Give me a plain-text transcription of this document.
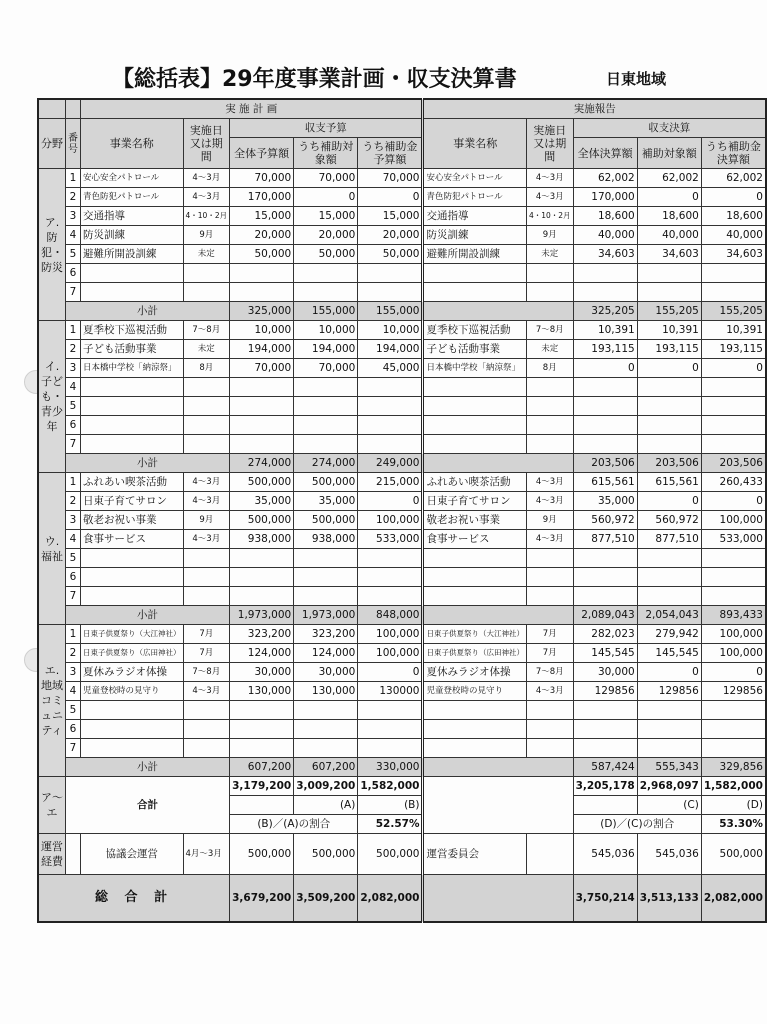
【総括表】29年度事業計画・収支決算書	日東地域
		実 施 計 画					実施報告				
分野	番号	事業名称	実施日又は期間	収支予算			事業名称	実施日又は期間	収支決算		
				全体予算額	うち補助対象額	うち補助金予算額			全体決算額	補助対象額	うち補助金決算額
ア.防犯・防災	1	安心安全パトロール	4～3月	70,000	70,000	70,000	安心安全パトロール	4～3月	62,002	62,002	62,002
	2	青色防犯パトロール	4～3月	170,000	0	0	青色防犯パトロール	4～3月	170,000	0	0
	3	交通指導	4・10・2月	15,000	15,000	15,000	交通指導	4・10・2月	18,600	18,600	18,600
	4	防災訓練	9月	20,000	20,000	20,000	防災訓練	9月	40,000	40,000	40,000
	5	避難所開設訓練	未定	50,000	50,000	50,000	避難所開設訓練	未定	34,603	34,603	34,603
	6										
	7										
	小計			325,000	155,000	155,000			325,205	155,205	155,205
イ.子ども・青少年	1	夏季校下巡視活動	7～8月	10,000	10,000	10,000	夏季校下巡視活動	7～8月	10,391	10,391	10,391
	2	子ども活動事業	未定	194,000	194,000	194,000	子ども活動事業	未定	193,115	193,115	193,115
	3	日本橋中学校「納涼祭」	8月	70,000	70,000	45,000	日本橋中学校「納涼祭」	8月	0	0	0
	4										
	5										
	6										
	7										
	小計			274,000	274,000	249,000			203,506	203,506	203,506
ウ.福祉	1	ふれあい喫茶活動	4～3月	500,000	500,000	215,000	ふれあい喫茶活動	4～3月	615,561	615,561	260,433
	2	日東子育てサロン	4～3月	35,000	35,000	0	日東子育てサロン	4～3月	35,000	0	0
	3	敬老お祝い事業	9月	500,000	500,000	100,000	敬老お祝い事業	9月	560,972	560,972	100,000
	4	食事サービス	4～3月	938,000	938,000	533,000	食事サービス	4～3月	877,510	877,510	533,000
	5										
	6										
	7										
	小計			1,973,000	1,973,000	848,000			2,089,043	2,054,043	893,433
エ.地域コミュニティ	1	日東子供夏祭り（大江神社）	7月	323,200	323,200	100,000	日東子供夏祭り（大江神社）	7月	282,023	279,942	100,000
	2	日東子供夏祭り（広田神社）	7月	124,000	124,000	100,000	日東子供夏祭り（広田神社）	7月	145,545	145,545	100,000
	3	夏休みラジオ体操	7～8月	30,000	30,000	0	夏休みラジオ体操	7～8月	30,000	0	0
	4	児童登校時の見守り	4～3月	130,000	130,000	130000	児童登校時の見守り	4～3月	129856	129856	129856
	5										
	6										
	7										
	小計			607,200	607,200	330,000			587,424	555,343	329,856
ア～エ	合計			3,179,200	3,009,200	1,582,000			3,205,178	2,968,097	1,582,000
					(A)	(B)				(C)	(D)
				(B)／(A)の割合		52.57%			(D)／(C)の割合		53.30%
運営経費		協議会運営	4月～3月	500,000	500,000	500,000	運営委員会		545,036	545,036	500,000
総 合 計				3,679,200	3,509,200	2,082,000			3,750,214	3,513,133	2,082,000
